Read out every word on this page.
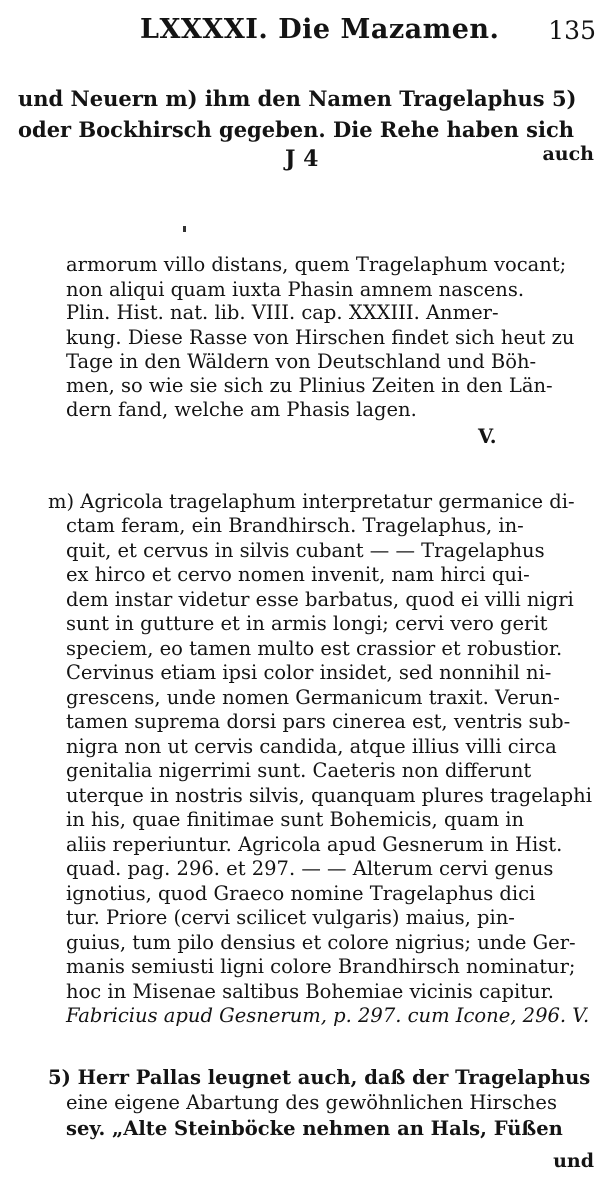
LXXXXI. Die Mazamen. 135
und Neuern m) ihm den Namen Tragelaphus 5)
oder Bockhirsch gegeben. Die Rehe haben sich
J 4	auch
armorum villo distans, quem Tragelaphum vocant;
non aliqui quam iuxta Phasin amnem nascens.
Plin. Hist. nat. lib. VIII. cap. XXXIII. Anmer-
kung. Diese Rasse von Hirschen findet sich heut zu
Tage in den Wäldern von Deutschland und Böh-
men, so wie sie sich zu Plinius Zeiten in den Län-
dern fand, welche am Phasis lagen.
V.
m) Agricola tragelaphum interpretatur germanice di-
ctam feram, ein Brandhirsch. Tragelaphus, in-
quit, et cervus in silvis cubant — — Tragelaphus
ex hirco et cervo nomen invenit, nam hirci qui-
dem instar videtur esse barbatus, quod ei villi nigri
sunt in gutture et in armis longi; cervi vero gerit
speciem, eo tamen multo est crassior et robustior.
Cervinus etiam ipsi color insidet, sed nonnihil ni-
grescens, unde nomen Germanicum traxit. Verun-
tamen suprema dorsi pars cinerea est, ventris sub-
nigra non ut cervis candida, atque illius villi circa
genitalia nigerrimi sunt. Caeteris non differunt
uterque in nostris silvis, quanquam plures tragelaphi
in his, quae finitimae sunt Bohemicis, quam in
aliis reperiuntur. Agricola apud Gesnerum in Hist.
quad. pag. 296. et 297. — — Alterum cervi genus
ignotius, quod Graeco nomine Tragelaphus dici
tur. Priore (cervi scilicet vulgaris) maius, pin-
guius, tum pilo densius et colore nigrius; unde Ger-
manis semiusti ligni colore Brandhirsch nominatur;
hoc in Misenae saltibus Bohemiae vicinis capitur.
Fabricius apud Gesnerum, p. 297. cum Icone, 296. V.
5) Herr Pallas leugnet auch, daß der Tragelaphus
eine eigene Abartung des gewöhnlichen Hirsches
sey. „Alte Steinböcke nehmen an Hals, Füßen
und
